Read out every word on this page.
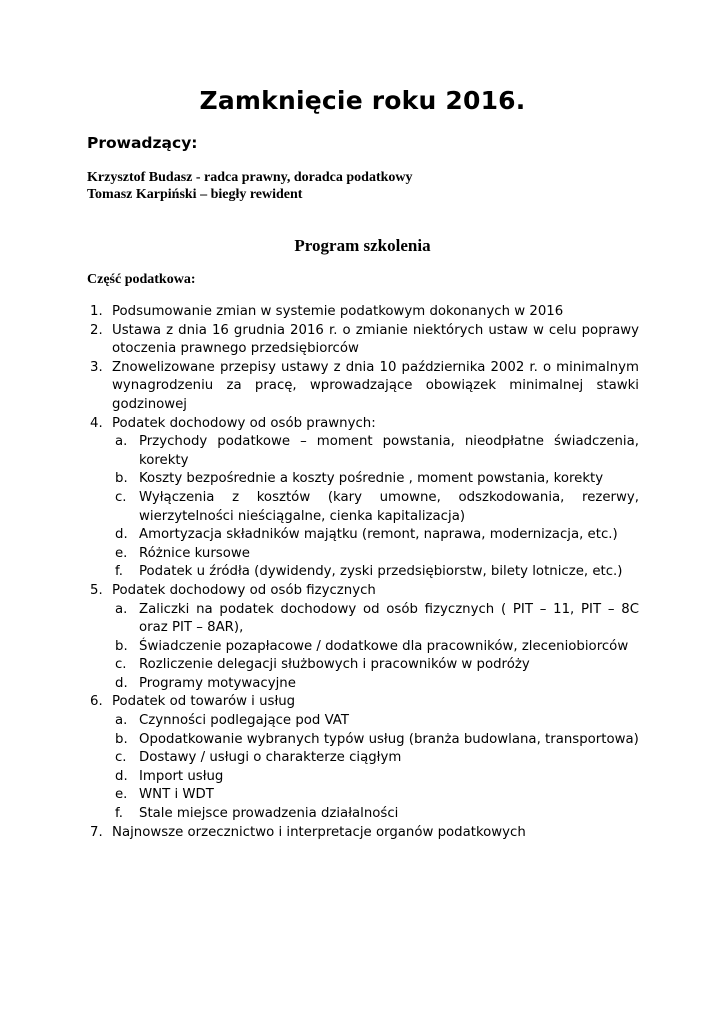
Zamknięcie roku 2016.
Prowadzący:
Krzysztof Budasz - radca prawny, doradca podatkowy
Tomasz Karpiński – biegły rewident
Program szkolenia
Część podatkowa:
1. Podsumowanie zmian w systemie podatkowym dokonanych w 2016
2. Ustawa z dnia 16 grudnia 2016 r. o zmianie niektórych ustaw w celu poprawy otoczenia prawnego przedsiębiorców
3. Znowelizowane przepisy ustawy z dnia 10 października 2002 r. o minimalnym wynagrodzeniu za pracę, wprowadzające obowiązek minimalnej stawki godzinowej
4. Podatek dochodowy od osób prawnych:
a. Przychody podatkowe – moment powstania, nieodpłatne świadczenia, korekty
b. Koszty bezpośrednie a koszty pośrednie , moment powstania, korekty
c. Wyłączenia z kosztów (kary umowne, odszkodowania, rezerwy, wierzytelności nieściągalne, cienka kapitalizacja)
d. Amortyzacja składników majątku (remont, naprawa, modernizacja, etc.)
e. Różnice kursowe
f. Podatek u źródła (dywidendy, zyski przedsiębiorstw, bilety lotnicze, etc.)
5. Podatek dochodowy od osób fizycznych
a. Zaliczki na podatek dochodowy od osób fizycznych ( PIT – 11, PIT – 8C oraz PIT – 8AR),
b. Świadczenie pozapłacowe / dodatkowe dla pracowników, zleceniobiorców
c. Rozliczenie delegacji służbowych i pracowników w podróży
d. Programy motywacyjne
6. Podatek od towarów i usług
a. Czynności podlegające pod VAT
b. Opodatkowanie wybranych typów usług (branża budowlana, transportowa)
c. Dostawy / usługi o charakterze ciągłym
d. Import usług
e. WNT i WDT
f. Stale miejsce prowadzenia działalności
7. Najnowsze orzecznictwo i interpretacje organów podatkowych
